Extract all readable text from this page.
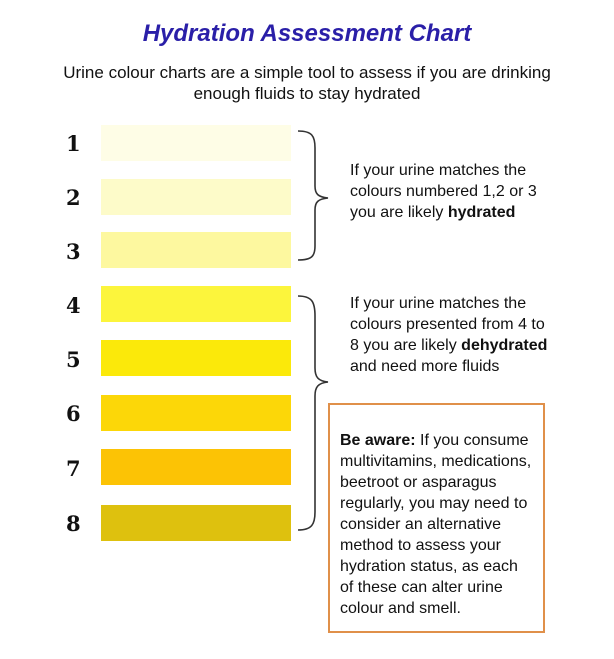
Hydration Assessment Chart
Urine colour charts are a simple tool to assess if you are drinking enough fluids to stay hydrated
1
2
3
4
5
6
7
8
If your urine matches the colours numbered 1,2 or 3 you are likely hydrated
If your urine matches the colours presented from 4 to 8 you are likely dehydrated and need more fluids
Be aware: If you consume multivitamins, medications, beetroot or asparagus regularly, you may need to consider an alternative method to assess your hydration status, as each of these can alter urine colour and smell.
